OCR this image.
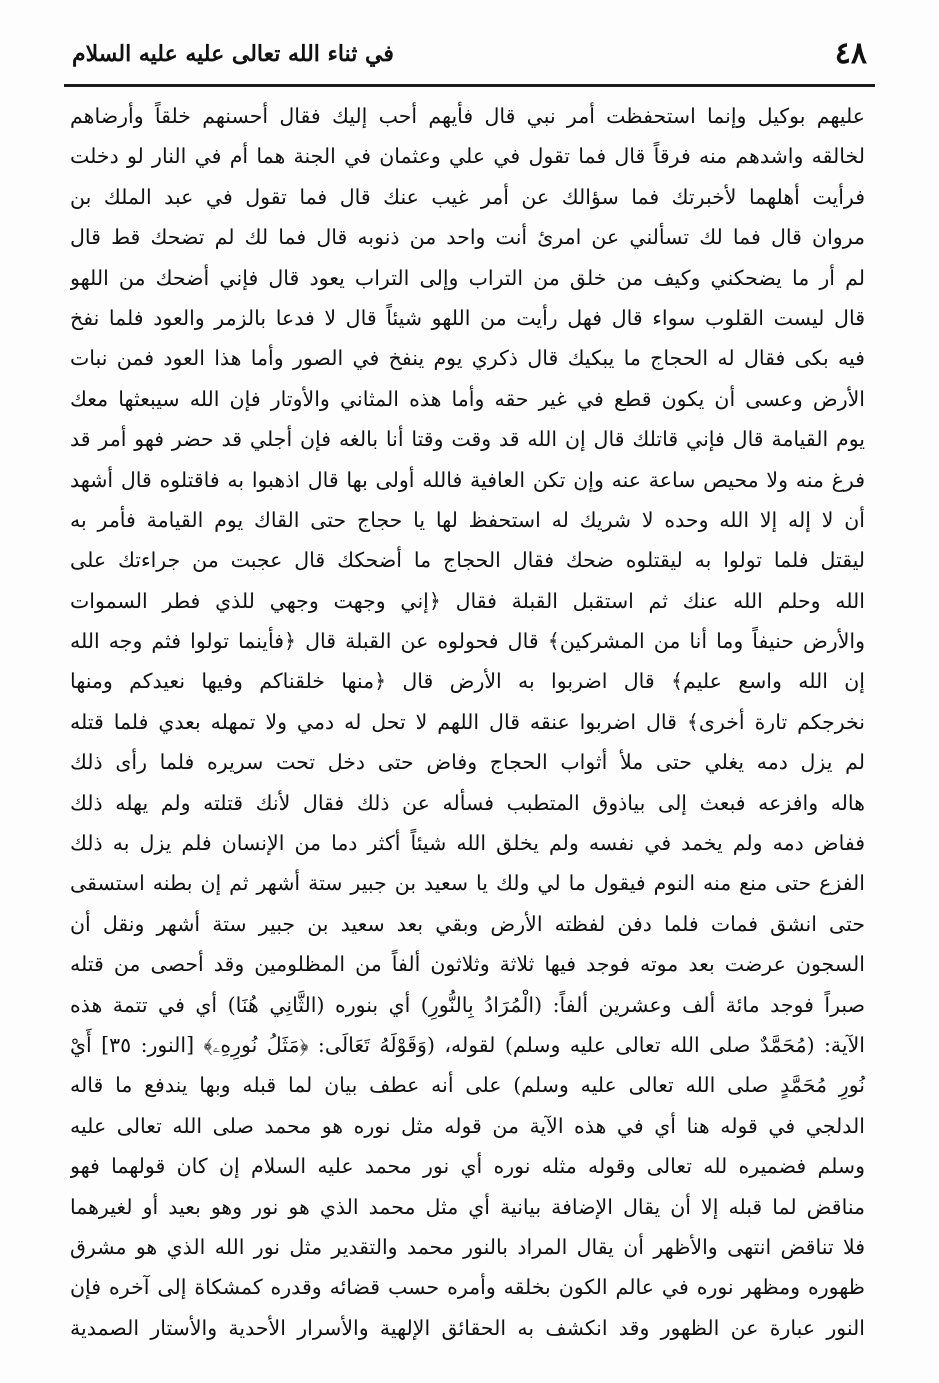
٤٨
في ثناء الله تعالى عليه عليه السلام
عليهم بوكيل وإنما استحفظت أمر نبي قال فأيهم أحب إليك فقال أحسنهم خلقاً وأرضاهم
لخالقه واشدهم منه فرقاً قال فما تقول في علي وعثمان في الجنة هما أم في النار لو دخلت
فرأيت أهلهما لأخبرتك فما سؤالك عن أمر غيب عنك قال فما تقول في عبد الملك بن
مروان قال فما لك تسألني عن امرئ أنت واحد من ذنوبه قال فما لك لم تضحك قط قال
لم أر ما يضحكني وكيف من خلق من التراب وإلى التراب يعود قال فإني أضحك من اللهو
قال ليست القلوب سواء قال فهل رأيت من اللهو شيئاً قال لا فدعا بالزمر والعود فلما نفخ
فيه بكى فقال له الحجاج ما يبكيك قال ذكري يوم ينفخ في الصور وأما هذا العود فمن نبات
الأرض وعسى أن يكون قطع في غير حقه وأما هذه المثاني والأوتار فإن الله سيبعثها معك
يوم القيامة قال فإني قاتلك قال إن الله قد وقت وقتا أنا بالغه فإن أجلي قد حضر فهو أمر قد
فرغ منه ولا محيص ساعة عنه وإن تكن العافية فالله أولى بها قال اذهبوا به فاقتلوه قال أشهد
أن لا إله إلا الله وحده لا شريك له استحفظ لها يا حجاج حتى القاك يوم القيامة فأمر به
ليقتل فلما تولوا به ليقتلوه ضحك فقال الحجاج ما أضحكك قال عجبت من جراءتك على
الله وحلم الله عنك ثم استقبل القبلة فقال ﴿إني وجهت وجهي للذي فطر السموات
والأرض حنيفاً وما أنا من المشركين﴾ قال فحولوه عن القبلة قال ﴿فأينما تولوا فثم وجه الله
إن الله واسع عليم﴾ قال اضربوا به الأرض قال ﴿منها خلقناكم وفيها نعيدكم ومنها
نخرجكم تارة أخرى﴾ قال اضربوا عنقه قال اللهم لا تحل له دمي ولا تمهله بعدي فلما قتله
لم يزل دمه يغلي حتى ملأ أثواب الحجاج وفاض حتى دخل تحت سريره فلما رأى ذلك
هاله وافزعه فبعث إلى بياذوق المتطبب فسأله عن ذلك فقال لأنك قتلته ولم يهله ذلك
ففاض دمه ولم يخمد في نفسه ولم يخلق الله شيئاً أكثر دما من الإنسان فلم يزل به ذلك
الفزع حتى منع منه النوم فيقول ما لي ولك يا سعيد بن جبير ستة أشهر ثم إن بطنه استسقى
حتى انشق فمات فلما دفن لفظته الأرض وبقي بعد سعيد بن جبير ستة أشهر ونقل أن
السجون عرضت بعد موته فوجد فيها ثلاثة وثلاثون ألفاً من المظلومين وقد أحصى من قتله
صبراً فوجد مائة ألف وعشرين ألفاً: (الْمُرَادُ بِالنُّورِ) أي بنوره (الثَّانِي هُنَا) أي في تتمة هذه
الآية: (مُحَمَّدٌ صلى الله تعالى عليه وسلم) لقوله، (وَقَوْلَهُ تَعَالَى: ﴿مَثَلُ نُورِهِۦ﴾ [النور: ٣٥] أَيْ
نُورِ مُحَمَّدٍ صلى الله تعالى عليه وسلم) على أنه عطف بيان لما قبله وبها يندفع ما قاله
الدلجي في قوله هنا أي في هذه الآية من قوله مثل نوره هو محمد صلى الله تعالى عليه
وسلم فضميره لله تعالى وقوله مثله نوره أي نور محمد عليه السلام إن كان قولهما فهو
مناقض لما قبله إلا أن يقال الإضافة بيانية أي مثل محمد الذي هو نور وهو بعيد أو لغيرهما
فلا تناقض انتهى والأظهر أن يقال المراد بالنور محمد والتقدير مثل نور الله الذي هو مشرق
ظهوره ومظهر نوره في عالم الكون بخلقه وأمره حسب قضائه وقدره كمشكاة إلى آخره فإن
النور عبارة عن الظهور وقد انكشف به الحقائق الإلهية والأسرار الأحدية والأستار الصمدية
